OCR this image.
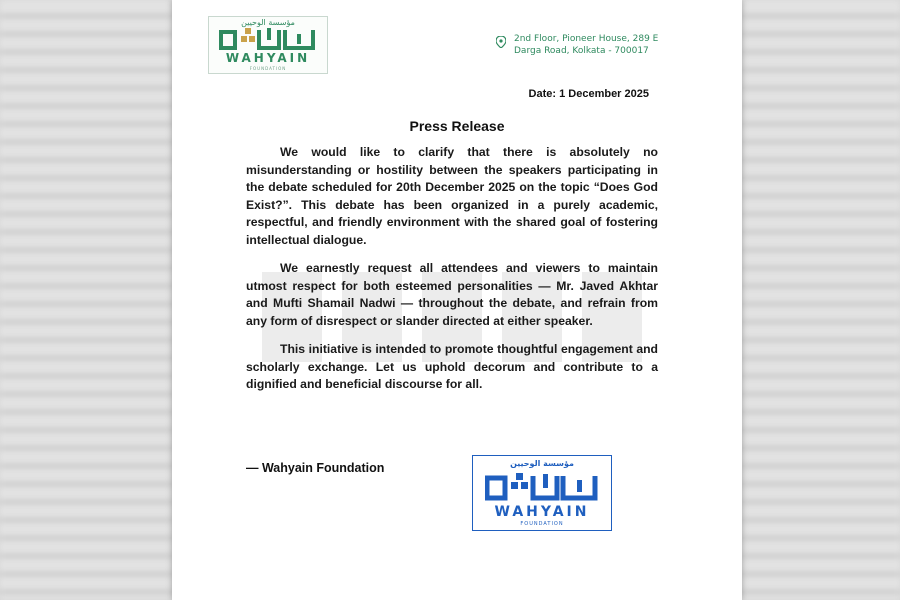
مؤسسة الوحيين
WAHYAIN
FOUNDATION
2nd Floor, Pioneer House, 289 E
Darga Road, Kolkata - 700017
Date: 1 December 2025
Press Release

We would like to clarify that there is absolutely no misunderstanding or hostility between the speakers participating in the debate scheduled for 20th December 2025 on the topic “Does God Exist?”. This debate has been organized in a purely academic, respectful, and friendly environment with the shared goal of fostering intellectual dialogue.

We earnestly request all attendees and viewers to maintain utmost respect for both esteemed personalities — Mr. Javed Akhtar and Mufti Shamail Nadwi — throughout the debate, and refrain from any form of disrespect or slander directed at either speaker.

This initiative is intended to promote thoughtful engagement and scholarly exchange. Let us uphold decorum and contribute to a dignified and beneficial discourse for all.

— Wahyain Foundation	مؤسسة الوحيين
WAHYAIN
FOUNDATION
